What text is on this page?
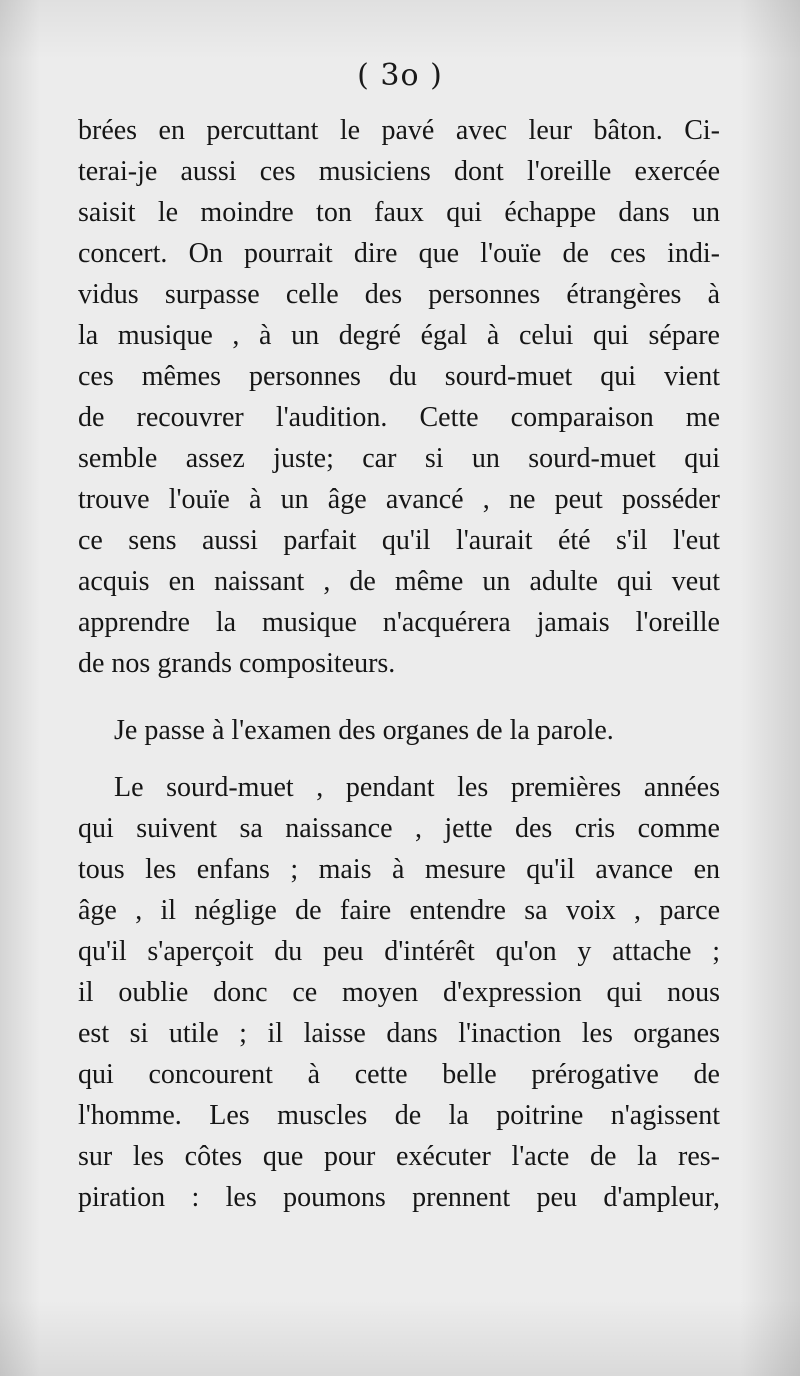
( 3o )
brées en percuttant le pavé avec leur bâton. Ci-
terai-je aussi ces musiciens dont l'oreille exercée
saisit le moindre ton faux qui échappe dans un
concert. On pourrait dire que l'ouïe de ces indi-
vidus surpasse celle des personnes étrangères à
la musique , à un degré égal à celui qui sépare
ces mêmes personnes du sourd-muet qui vient
de recouvrer l'audition. Cette comparaison me
semble assez juste; car si un sourd-muet qui
trouve l'ouïe à un âge avancé , ne peut posséder
ce sens aussi parfait qu'il l'aurait été s'il l'eut
acquis en naissant , de même un adulte qui veut
apprendre la musique n'acquérera jamais l'oreille
de nos grands compositeurs.
Je passe à l'examen des organes de la parole.
Le sourd-muet , pendant les premières années
qui suivent sa naissance , jette des cris comme
tous les enfans ; mais à mesure qu'il avance en
âge , il néglige de faire entendre sa voix , parce
qu'il s'aperçoit du peu d'intérêt qu'on y attache ;
il oublie donc ce moyen d'expression qui nous
est si utile ; il laisse dans l'inaction les organes
qui concourent à cette belle prérogative de
l'homme. Les muscles de la poitrine n'agissent
sur les côtes que pour exécuter l'acte de la res-
piration : les poumons prennent peu d'ampleur,
